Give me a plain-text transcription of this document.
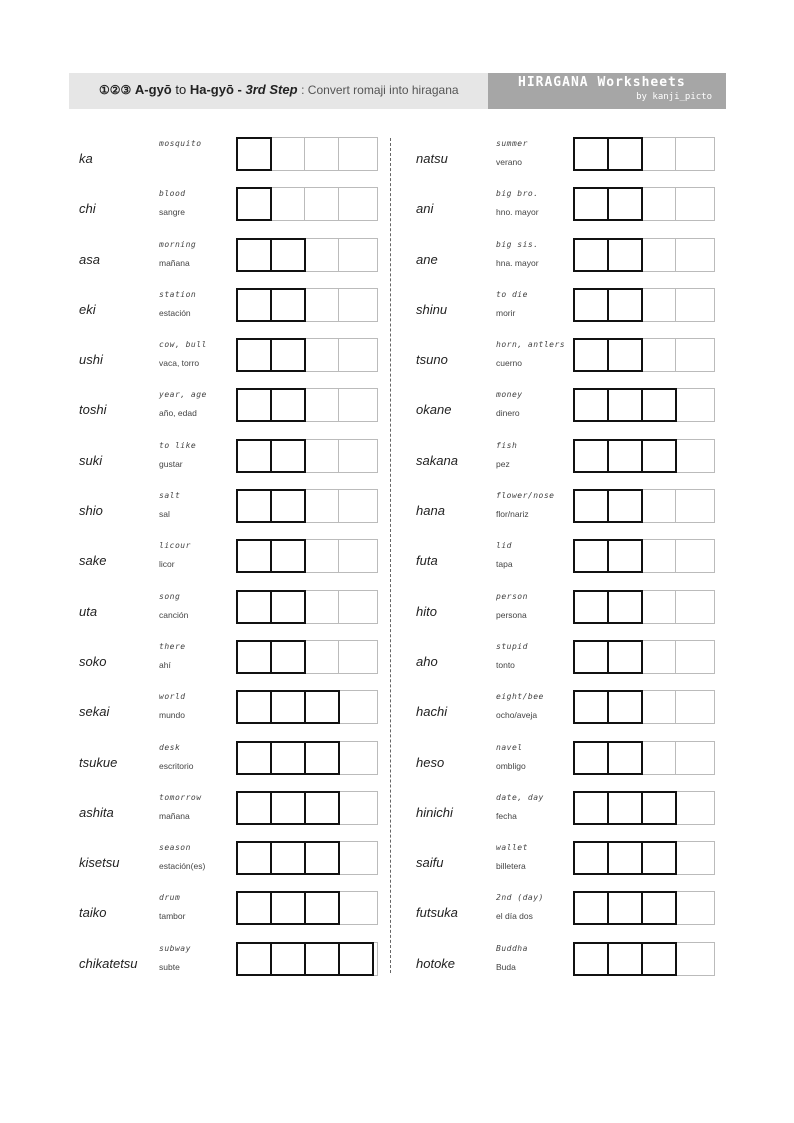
①②③ A-gyō to Ha-gyō - 3rd Step : Convert romaji into hiragana	HIRAGANA Worksheets
by kanji_picto
ka
mosquito
chi
blood
sangre
asa
morning
mañana
eki
station
estación
ushi
cow, bull
vaca, torro
toshi
year, age
año, edad
suki
to like
gustar
shio
salt
sal
sake
licour
licor
uta
song
canción
soko
there
ahí
sekai
world
mundo
tsukue
desk
escritorio
ashita
tomorrow
mañana
kisetsu
season
estación(es)
taiko
drum
tambor
chikatetsu
subway
subte
natsu
summer
verano
ani
big bro.
hno. mayor
ane
big sis.
hna. mayor
shinu
to die
morir
tsuno
horn, antlers
cuerno
okane
money
dinero
sakana
fish
pez
hana
flower/nose
flor/nariz
futa
lid
tapa
hito
person
persona
aho
stupid
tonto
hachi
eight/bee
ocho/aveja
heso
navel
ombligo
hinichi
date, day
fecha
saifu
wallet
billetera
futsuka
2nd (day)
el día dos
hotoke
Buddha
Buda
